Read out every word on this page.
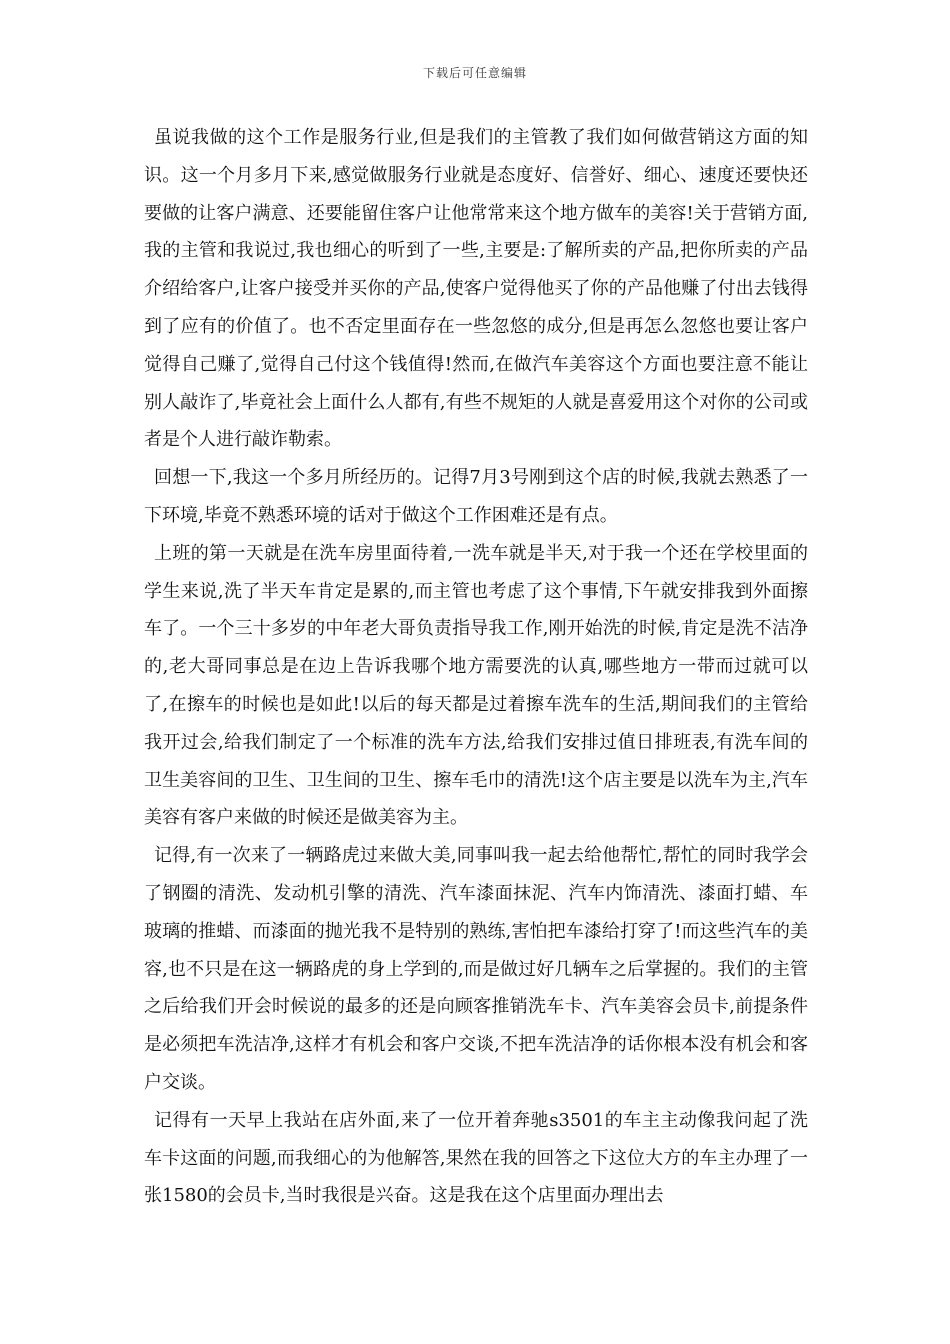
下载后可任意编辑

虽说我做的这个工作是服务行业,但是我们的主管教了我们如何做营销这方面的知识。这一个月多月下来,感觉做服务行业就是态度好、信誉好、细心、速度还要快还要做的让客户满意、还要能留住客户让他常常来这个地方做车的美容!关于营销方面,我的主管和我说过,我也细心的听到了一些,主要是:了解所卖的产品,把你所卖的产品介绍给客户,让客户接受并买你的产品,使客户觉得他买了你的产品他赚了付出去钱得到了应有的价值了。也不否定里面存在一些忽悠的成分,但是再怎么忽悠也要让客户觉得自己赚了,觉得自己付这个钱值得!然而,在做汽车美容这个方面也要注意不能让别人敲诈了,毕竟社会上面什么人都有,有些不规矩的人就是喜爱用这个对你的公司或者是个人进行敲诈勒索。

回想一下,我这一个多月所经历的。记得7月3号刚到这个店的时候,我就去熟悉了一下环境,毕竟不熟悉环境的话对于做这个工作困难还是有点。

上班的第一天就是在洗车房里面待着,一洗车就是半天,对于我一个还在学校里面的学生来说,洗了半天车肯定是累的,而主管也考虑了这个事情,下午就安排我到外面擦车了。一个三十多岁的中年老大哥负责指导我工作,刚开始洗的时候,肯定是洗不洁净的,老大哥同事总是在边上告诉我哪个地方需要洗的认真,哪些地方一带而过就可以了,在擦车的时候也是如此!以后的每天都是过着擦车洗车的生活,期间我们的主管给我开过会,给我们制定了一个标准的洗车方法,给我们安排过值日排班表,有洗车间的卫生美容间的卫生、卫生间的卫生、擦车毛巾的清洗!这个店主要是以洗车为主,汽车美容有客户来做的时候还是做美容为主。

记得,有一次来了一辆路虎过来做大美,同事叫我一起去给他帮忙,帮忙的同时我学会了钢圈的清洗、发动机引擎的清洗、汽车漆面抹泥、汽车内饰清洗、漆面打蜡、车玻璃的推蜡、而漆面的抛光我不是特别的熟练,害怕把车漆给打穿了!而这些汽车的美容,也不只是在这一辆路虎的身上学到的,而是做过好几辆车之后掌握的。我们的主管之后给我们开会时候说的最多的还是向顾客推销洗车卡、汽车美容会员卡,前提条件是必须把车洗洁净,这样才有机会和客户交谈,不把车洗洁净的话你根本没有机会和客户交谈。

记得有一天早上我站在店外面,来了一位开着奔驰s3501的车主主动像我问起了洗车卡这面的问题,而我细心的为他解答,果然在我的回答之下这位大方的车主办理了一张1580的会员卡,当时我很是兴奋。这是我在这个店里面办理出去
